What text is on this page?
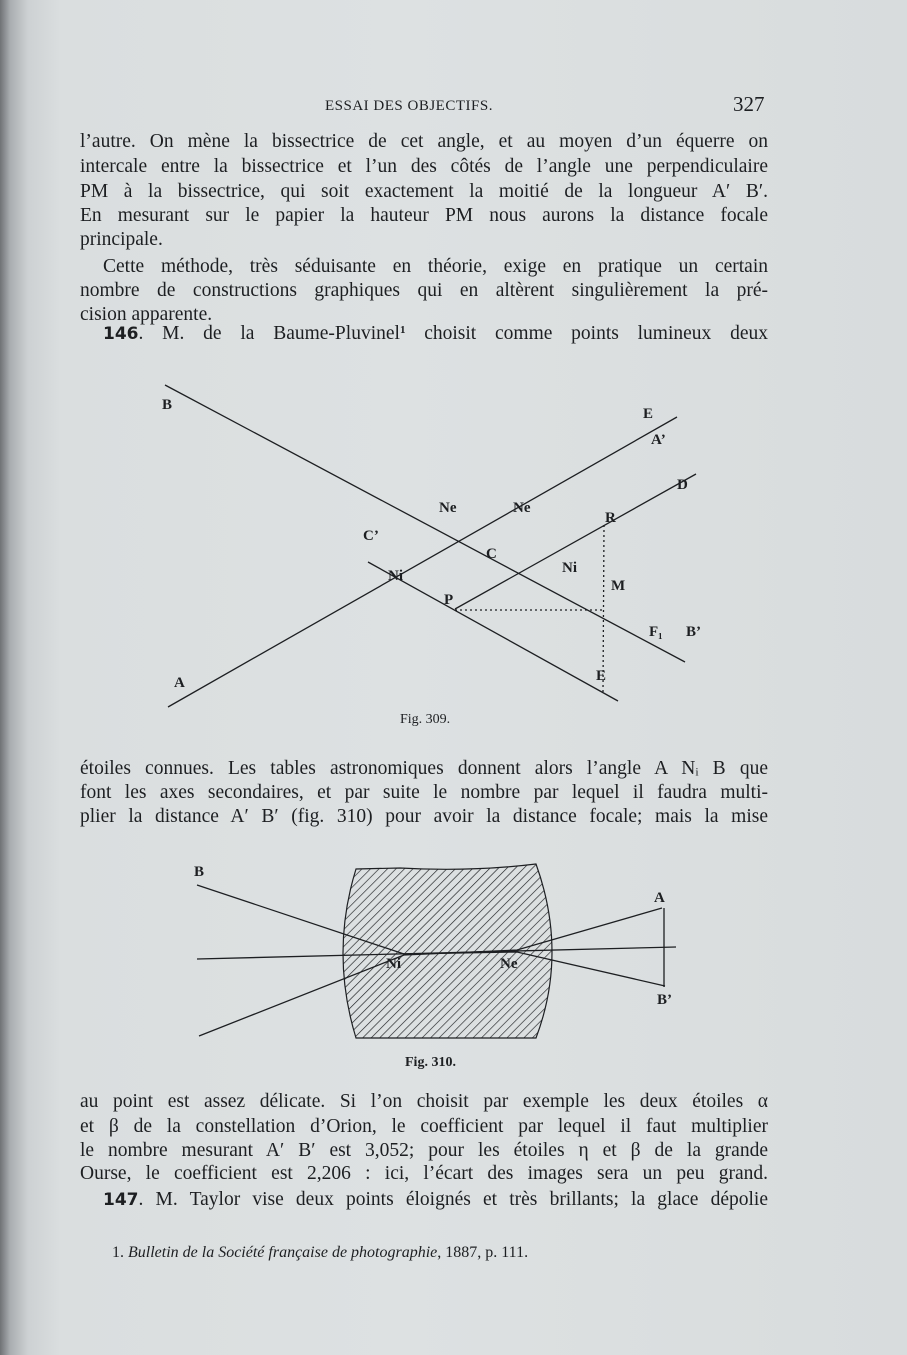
ESSAI DES OBJECTIFS.	327
l’autre. On mène la bissectrice de cet angle, et au moyen d’un équerre on
intercale entre la bissectrice et l’un des côtés de l’angle une perpendiculaire
PM à la bissectrice, qui soit exactement la moitié de la longueur A′ B′.
En mesurant sur le papier la hauteur PM nous aurons la distance focale
principale.
Cette méthode, très séduisante en théorie, exige en pratique un certain
nombre de constructions graphiques qui en altèrent singulièrement la pré-
cision apparente.
146. M. de la Baume-Pluvinel$^1$ choisit comme points lumineux deux
B
E
A’
D
Ne	Ne
R
C’
C
Ni	Ni
M
P
F₁ B’
A	E
B
A
B’
Ni	Ne
Fig. 309.
étoiles connues. Les tables astronomiques donnent alors l’angle A Nᵢ B que
font les axes secondaires, et par suite le nombre par lequel il faudra multi-
plier la distance A′ B′ (fig. 310) pour avoir la distance focale; mais la mise
Fig. 310.
au point est assez délicate. Si l’on choisit par exemple les deux étoiles α
et β de la constellation d’Orion, le coefficient par lequel il faut multiplier
le nombre mesurant A′ B′ est 3,052; pour les étoiles η et β de la grande
Ourse, le coefficient est 2,206 : ici, l’écart des images sera un peu grand.
147. M. Taylor vise deux points éloignés et très brillants; la glace dépolie
1. Bulletin de la Société française de photographie, 1887, p. 111.
